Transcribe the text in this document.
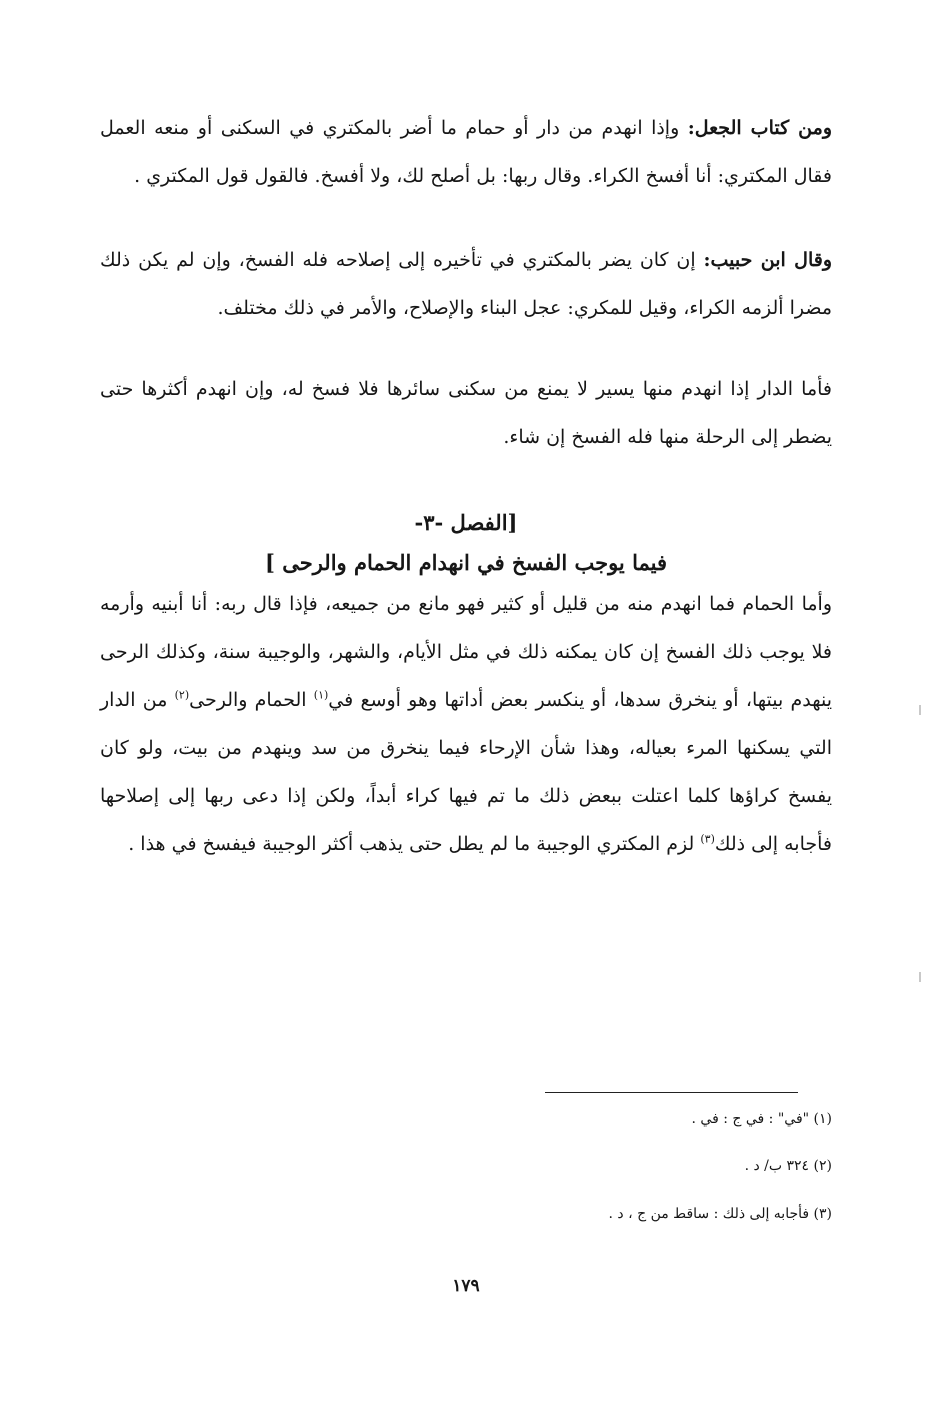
ومن كتاب الجعل: وإذا انهدم من دار أو حمام ما أضر بالمكتري في السكنى أو منعه العمل فقال المكتري: أنا أفسخ الكراء. وقال ربها: بل أصلح لك، ولا أفسخ. فالقول قول المكتري .

وقال ابن حبيب: إن كان يضر بالمكتري في تأخيره إلى إصلاحه فله الفسخ، وإن لم يكن ذلك مضرا ألزمه الكراء، وقيل للمكري: عجل البناء والإصلاح، والأمر في ذلك مختلف.

فأما الدار إذا انهدم منها يسير لا يمنع من سكنى سائرها فلا فسخ له، وإن انهدم أكثرها حتى يضطر إلى الرحلة منها فله الفسخ إن شاء.

[الفصل -٣-
فيما يوجب الفسخ في انهدام الحمام والرحى ]

وأما الحمام فما انهدم منه من قليل أو كثير فهو مانع من جميعه، فإذا قال ربه: أنا أبنيه وأرمه فلا يوجب ذلك الفسخ إن كان يمكنه ذلك في مثل الأيام، والشهر، والوجيبة سنة، وكذلك الرحى ينهدم بيتها، أو ينخرق سدها، أو ينكسر بعض أداتها وهو أوسع في$^{(١)}$ الحمام والرحى$^{(٢)}$ من الدار التي يسكنها المرء بعياله، وهذا شأن الإرحاء فيما ينخرق من سد وينهدم من بيت، ولو كان يفسخ كراؤها كلما اعتلت ببعض ذلك ما تم فيها كراء أبداً، ولكن إذا دعى ربها إلى إصلاحها فأجابه إلى ذلك$^{(٣)}$ لزم المكتري الوجيبة ما لم يطل حتى يذهب أكثر الوجيبة فيفسخ في هذا .

(١) "في" : في ج : في .
(٢) ٣٢٤ ب/ د .
(٣) فأجابه إلى ذلك : ساقط من ج ، د .
١٧٩
